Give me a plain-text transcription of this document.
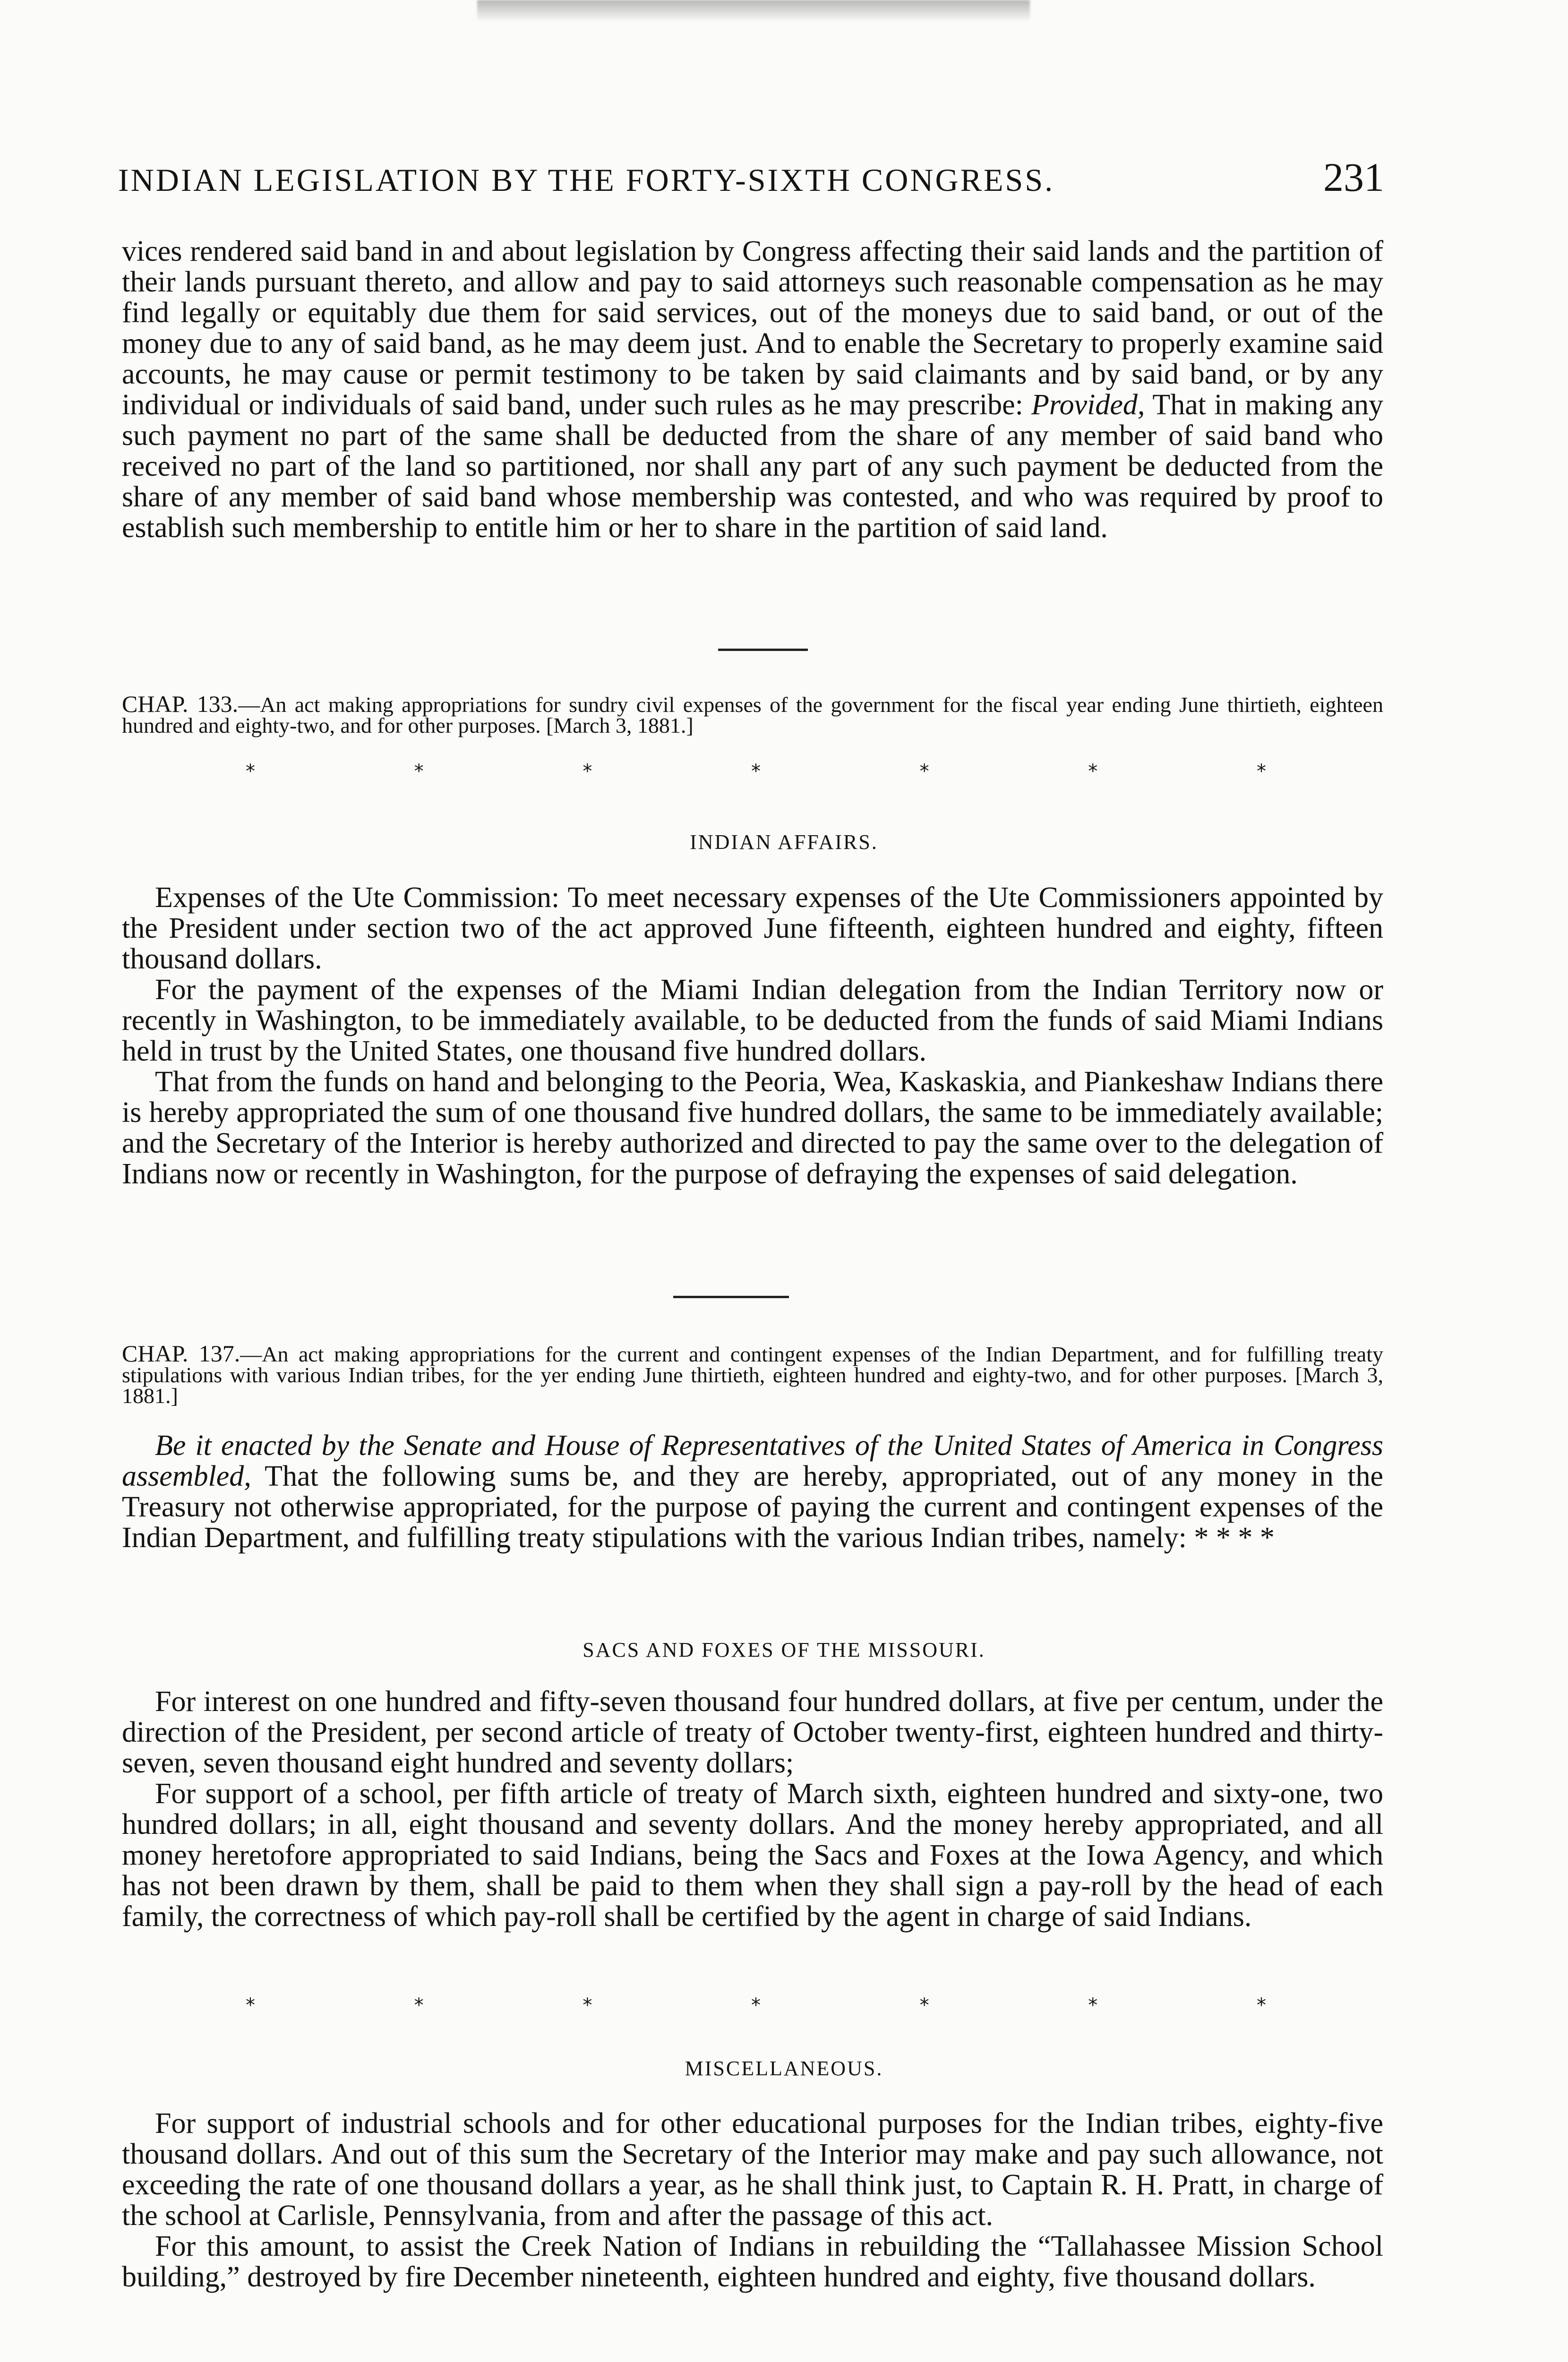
INDIAN LEGISLATION BY THE FORTY-SIXTH CONGRESS.	231

vices rendered said band in and about legislation by Congress affecting their said lands and the partition of their lands pursuant thereto, and allow and pay to said attorneys such reasonable compensation as he may find legally or equitably due them for said services, out of the moneys due to said band, or out of the money due to any of said band, as he may deem just. And to enable the Secretary to properly examine said accounts, he may cause or permit testimony to be taken by said claimants and by said band, or by any individual or individuals of said band, under such rules as he may prescribe: Provided, That in making any such payment no part of the same shall be deducted from the share of any member of said band who received no part of the land so partitioned, nor shall any part of any such payment be deducted from the share of any member of said band whose membership was contested, and who was required by proof to establish such membership to entitle him or her to share in the partition of said land.

CHAP. 133.—An act making appropriations for sundry civil expenses of the government for the fiscal year ending June thirtieth, eighteen hundred and eighty-two, and for other purposes. [March 3, 1881.]
*	*	*	*	*	*	*
INDIAN AFFAIRS.

Expenses of the Ute Commission: To meet necessary expenses of the Ute Commissioners appointed by the President under section two of the act approved June fifteenth, eighteen hundred and eighty, fifteen thousand dollars.

For the payment of the expenses of the Miami Indian delegation from the Indian Territory now or recently in Washington, to be immediately available, to be deducted from the funds of said Miami Indians held in trust by the United States, one thousand five hundred dollars.

That from the funds on hand and belonging to the Peoria, Wea, Kaskaskia, and Piankeshaw Indians there is hereby appropriated the sum of one thousand five hundred dollars, the same to be immediately available; and the Secretary of the Interior is hereby authorized and directed to pay the same over to the delegation of Indians now or recently in Washington, for the purpose of defraying the expenses of said delegation.

CHAP. 137.—An act making appropriations for the current and contingent expenses of the Indian Department, and for fulfilling treaty stipulations with various Indian tribes, for the yer ending June thirtieth, eighteen hundred and eighty-two, and for other purposes. [March 3, 1881.]

Be it enacted by the Senate and House of Representatives of the United States of America in Congress assembled, That the following sums be, and they are hereby, appropriated, out of any money in the Treasury not otherwise appropriated, for the purpose of paying the current and contingent expenses of the Indian Department, and fulfilling treaty stipulations with the various Indian tribes, namely: * * * *

SACS AND FOXES OF THE MISSOURI.

For interest on one hundred and fifty-seven thousand four hundred dollars, at five per centum, under the direction of the President, per second article of treaty of October twenty-first, eighteen hundred and thirty-seven, seven thousand eight hundred and seventy dollars;

For support of a school, per fifth article of treaty of March sixth, eighteen hundred and sixty-one, two hundred dollars; in all, eight thousand and seventy dollars. And the money hereby appropriated, and all money heretofore appropriated to said Indians, being the Sacs and Foxes at the Iowa Agency, and which has not been drawn by them, shall be paid to them when they shall sign a pay-roll by the head of each family, the correctness of which pay-roll shall be certified by the agent in charge of said Indians.

*	*	*	*	*	*	*
MISCELLANEOUS.

For support of industrial schools and for other educational purposes for the Indian tribes, eighty-five thousand dollars. And out of this sum the Secretary of the Interior may make and pay such allowance, not exceeding the rate of one thousand dollars a year, as he shall think just, to Captain R. H. Pratt, in charge of the school at Carlisle, Pennsylvania, from and after the passage of this act.

For this amount, to assist the Creek Nation of Indians in rebuilding the “Tallahassee Mission School building,” destroyed by fire December nineteenth, eighteen hundred and eighty, five thousand dollars.
